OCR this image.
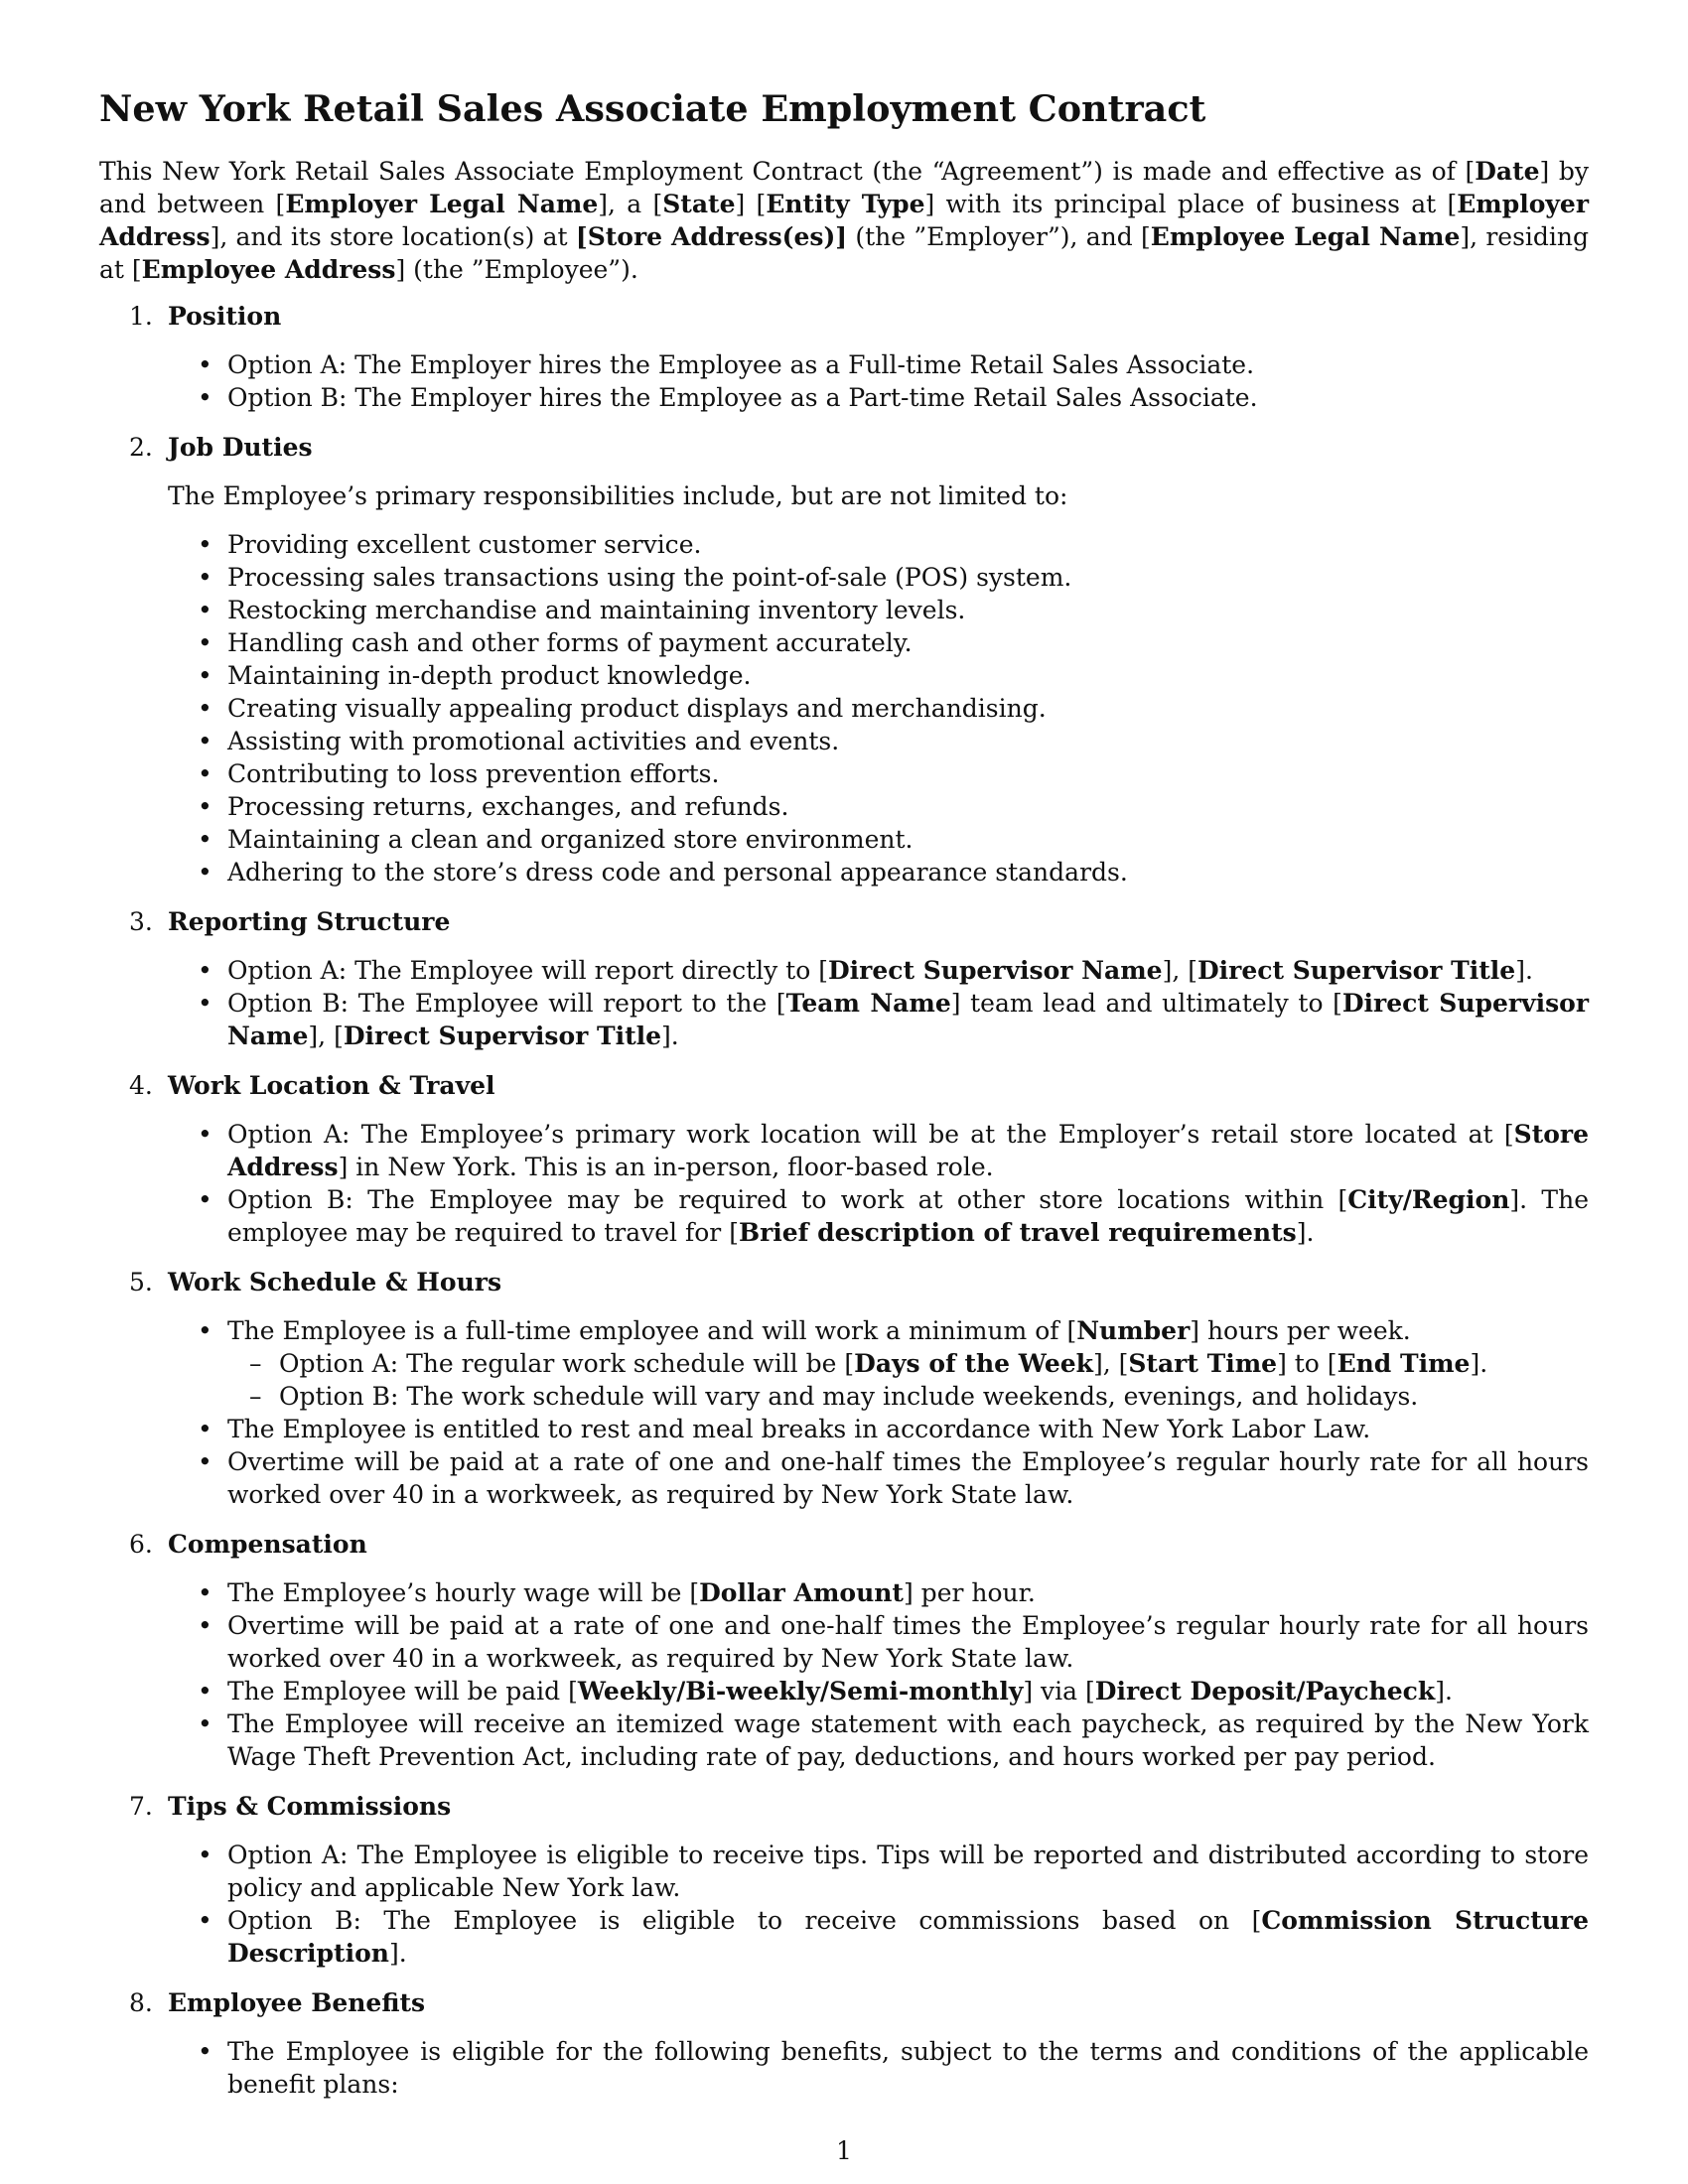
New York Retail Sales Associate Employment Contract

This New York Retail Sales Associate Employment Contract (the “Agreement”) is made and effective as of [Date] by and between [Employer Legal Name], a [State] [Entity Type] with its principal place of business at [Employer Address], and its store location(s) at [Store Address(es)] (the ”Employer”), and [Employee Legal Name], residing at [Employee Address] (the ”Employee”).

1. Position
• Option A: The Employer hires the Employee as a Full-time Retail Sales Associate.
• Option B: The Employer hires the Employee as a Part-time Retail Sales Associate.
2. Job Duties

The Employee’s primary responsibilities include, but are not limited to:

• Providing excellent customer service.
• Processing sales transactions using the point-of-sale (POS) system.
• Restocking merchandise and maintaining inventory levels.
• Handling cash and other forms of payment accurately.
• Maintaining in-depth product knowledge.
• Creating visually appealing product displays and merchandising.
• Assisting with promotional activities and events.
• Contributing to loss prevention efforts.
• Processing returns, exchanges, and refunds.
• Maintaining a clean and organized store environment.
• Adhering to the store’s dress code and personal appearance standards.
3. Reporting Structure
• Option A: The Employee will report directly to [Direct Supervisor Name], [Direct Supervisor Title].
• Option B: The Employee will report to the [Team Name] team lead and ultimately to [Direct Supervisor Name], [Direct Supervisor Title].
4. Work Location & Travel
• Option A: The Employee’s primary work location will be at the Employer’s retail store located at [Store Address] in New York. This is an in-person, floor-based role.
• Option B: The Employee may be required to work at other store locations within [City/Region]. The employee may be required to travel for [Brief description of travel requirements].
5. Work Schedule & Hours
• The Employee is a full-time employee and will work a minimum of [Number] hours per week.
– Option A: The regular work schedule will be [Days of the Week], [Start Time] to [End Time].
– Option B: The work schedule will vary and may include weekends, evenings, and holidays.
• The Employee is entitled to rest and meal breaks in accordance with New York Labor Law.
• Overtime will be paid at a rate of one and one-half times the Employee’s regular hourly rate for all hours worked over 40 in a workweek, as required by New York State law.
6. Compensation
• The Employee’s hourly wage will be [Dollar Amount] per hour.
• Overtime will be paid at a rate of one and one-half times the Employee’s regular hourly rate for all hours worked over 40 in a workweek, as required by New York State law.
• The Employee will be paid [Weekly/Bi-weekly/Semi-monthly] via [Direct Deposit/Paycheck].
• The Employee will receive an itemized wage statement with each paycheck, as required by the New York Wage Theft Prevention Act, including rate of pay, deductions, and hours worked per pay period.
7. Tips & Commissions
• Option A: The Employee is eligible to receive tips. Tips will be reported and distributed according to store policy and applicable New York law.
• Option B: The Employee is eligible to receive commissions based on [Commission Structure Description].
8. Employee Benefits
• The Employee is eligible for the following benefits, subject to the terms and conditions of the applicable benefit plans:
1
